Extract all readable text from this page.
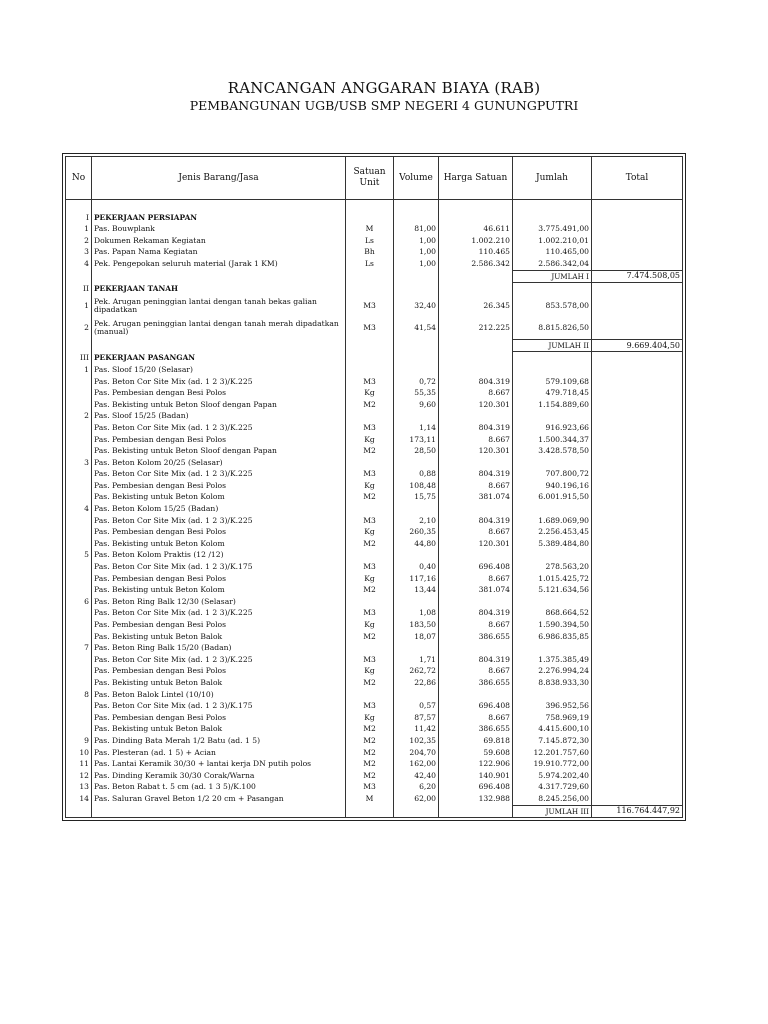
RANCANGAN ANGGARAN BIAYA (RAB)
PEMBANGUNAN UGB/USB SMP NEGERI 4 GUNUNGPUTRI
No	Jenis Barang/Jasa	Satuan Unit	Volume	Harga Satuan	Jumlah	Total

I	PEKERJAAN PERSIAPAN					
1	Pas. Bouwplank	M	81,00	46.611	3.775.491,00	
2	Dokumen Rekaman Kegiatan	Ls	1,00	1.002.210	1.002.210,01	
3	Pas. Papan Nama Kegiatan	Bh	1,00	110.465	110.465,00	
4	Pek. Pengepokan seluruh material (Jarak 1 KM)	Ls	1,00	2.586.342	2.586.342,04	
					JUMLAH I	7.474.508,05
II	PEKERJAAN TANAH					
1	Pek. Arugan peninggian lantai dengan tanah bekas galian dipadatkan	M3	32,40	26.345	853.578,00	
2	Pek. Arugan peninggian lantai dengan tanah merah dipadatkan (manual)	M3	41,54	212.225	8.815.826,50	
					JUMLAH II	9.669.404,50
III	PEKERJAAN PASANGAN					
1	Pas. Sloof 15/20 (Selasar)					
	Pas. Beton Cor Site Mix (ad. 1 2 3)/K.225	M3	0,72	804.319	579.109,68	
	Pas. Pembesian dengan Besi Polos	Kg	55,35	8.667	479.718,45	
	Pas. Bekisting untuk Beton Sloof dengan Papan	M2	9,60	120.301	1.154.889,60	
2	Pas. Sloof 15/25 (Badan)					
	Pas. Beton Cor Site Mix (ad. 1 2 3)/K.225	M3	1,14	804.319	916.923,66	
	Pas. Pembesian dengan Besi Polos	Kg	173,11	8.667	1.500.344,37	
	Pas. Bekisting untuk Beton Sloof dengan Papan	M2	28,50	120.301	3.428.578,50	
3	Pas. Beton Kolom 20/25 (Selasar)					
	Pas. Beton Cor Site Mix (ad. 1 2 3)/K.225	M3	0,88	804.319	707.800,72	
	Pas. Pembesian dengan Besi Polos	Kg	108,48	8.667	940.196,16	
	Pas. Bekisting untuk Beton Kolom	M2	15,75	381.074	6.001.915,50	
4	Pas. Beton Kolom 15/25 (Badan)					
	Pas. Beton Cor Site Mix (ad. 1 2 3)/K.225	M3	2,10	804.319	1.689.069,90	
	Pas. Pembesian dengan Besi Polos	Kg	260,35	8.667	2.256.453,45	
	Pas. Bekisting untuk Beton Kolom	M2	44,80	120.301	5.389.484,80	
5	Pas. Beton Kolom Praktis (12 /12)					
	Pas. Beton Cor Site Mix (ad. 1 2 3)/K.175	M3	0,40	696.408	278.563,20	
	Pas. Pembesian dengan Besi Polos	Kg	117,16	8.667	1.015.425,72	
	Pas. Bekisting untuk Beton Kolom	M2	13,44	381.074	5.121.634,56	
6	Pas. Beton Ring Balk 12/30 (Selasar)					
	Pas. Beton Cor Site Mix (ad. 1 2 3)/K.225	M3	1,08	804.319	868.664,52	
	Pas. Pembesian dengan Besi Polos	Kg	183,50	8.667	1.590.394,50	
	Pas. Bekisting untuk Beton Balok	M2	18,07	386.655	6.986.835,85	
7	Pas. Beton Ring Balk 15/20 (Badan)					
	Pas. Beton Cor Site Mix (ad. 1 2 3)/K.225	M3	1,71	804.319	1.375.385,49	
	Pas. Pembesian dengan Besi Polos	Kg	262,72	8.667	2.276.994,24	
	Pas. Bekisting untuk Beton Balok	M2	22,86	386.655	8.838.933,30	
8	Pas. Beton Balok Lintel (10/10)					
	Pas. Beton Cor Site Mix (ad. 1 2 3)/K.175	M3	0,57	696.408	396.952,56	
	Pas. Pembesian dengan Besi Polos	Kg	87,57	8.667	758.969,19	
	Pas. Bekisting untuk Beton Balok	M2	11,42	386.655	4.415.600,10	
9	Pas. Dinding Bata Merah 1/2 Batu (ad. 1 5)	M2	102,35	69.818	7.145.872,30	
10	Pas. Plesteran (ad. 1 5) + Acian	M2	204,70	59.608	12.201.757,60	
11	Pas. Lantai Keramik 30/30 + lantai kerja DN putih polos	M2	162,00	122.906	19.910.772,00	
12	Pas. Dinding Keramik 30/30 Corak/Warna	M2	42,40	140.901	5.974.202,40	
13	Pas. Beton Rabat t. 5 cm (ad. 1 3 5)/K.100	M3	6,20	696.408	4.317.729,60	
14	Pas. Saluran Gravel Beton 1/2 20 cm + Pasangan	M	62,00	132.988	8.245.256,00	
					JUMLAH III	116.764.447,92
